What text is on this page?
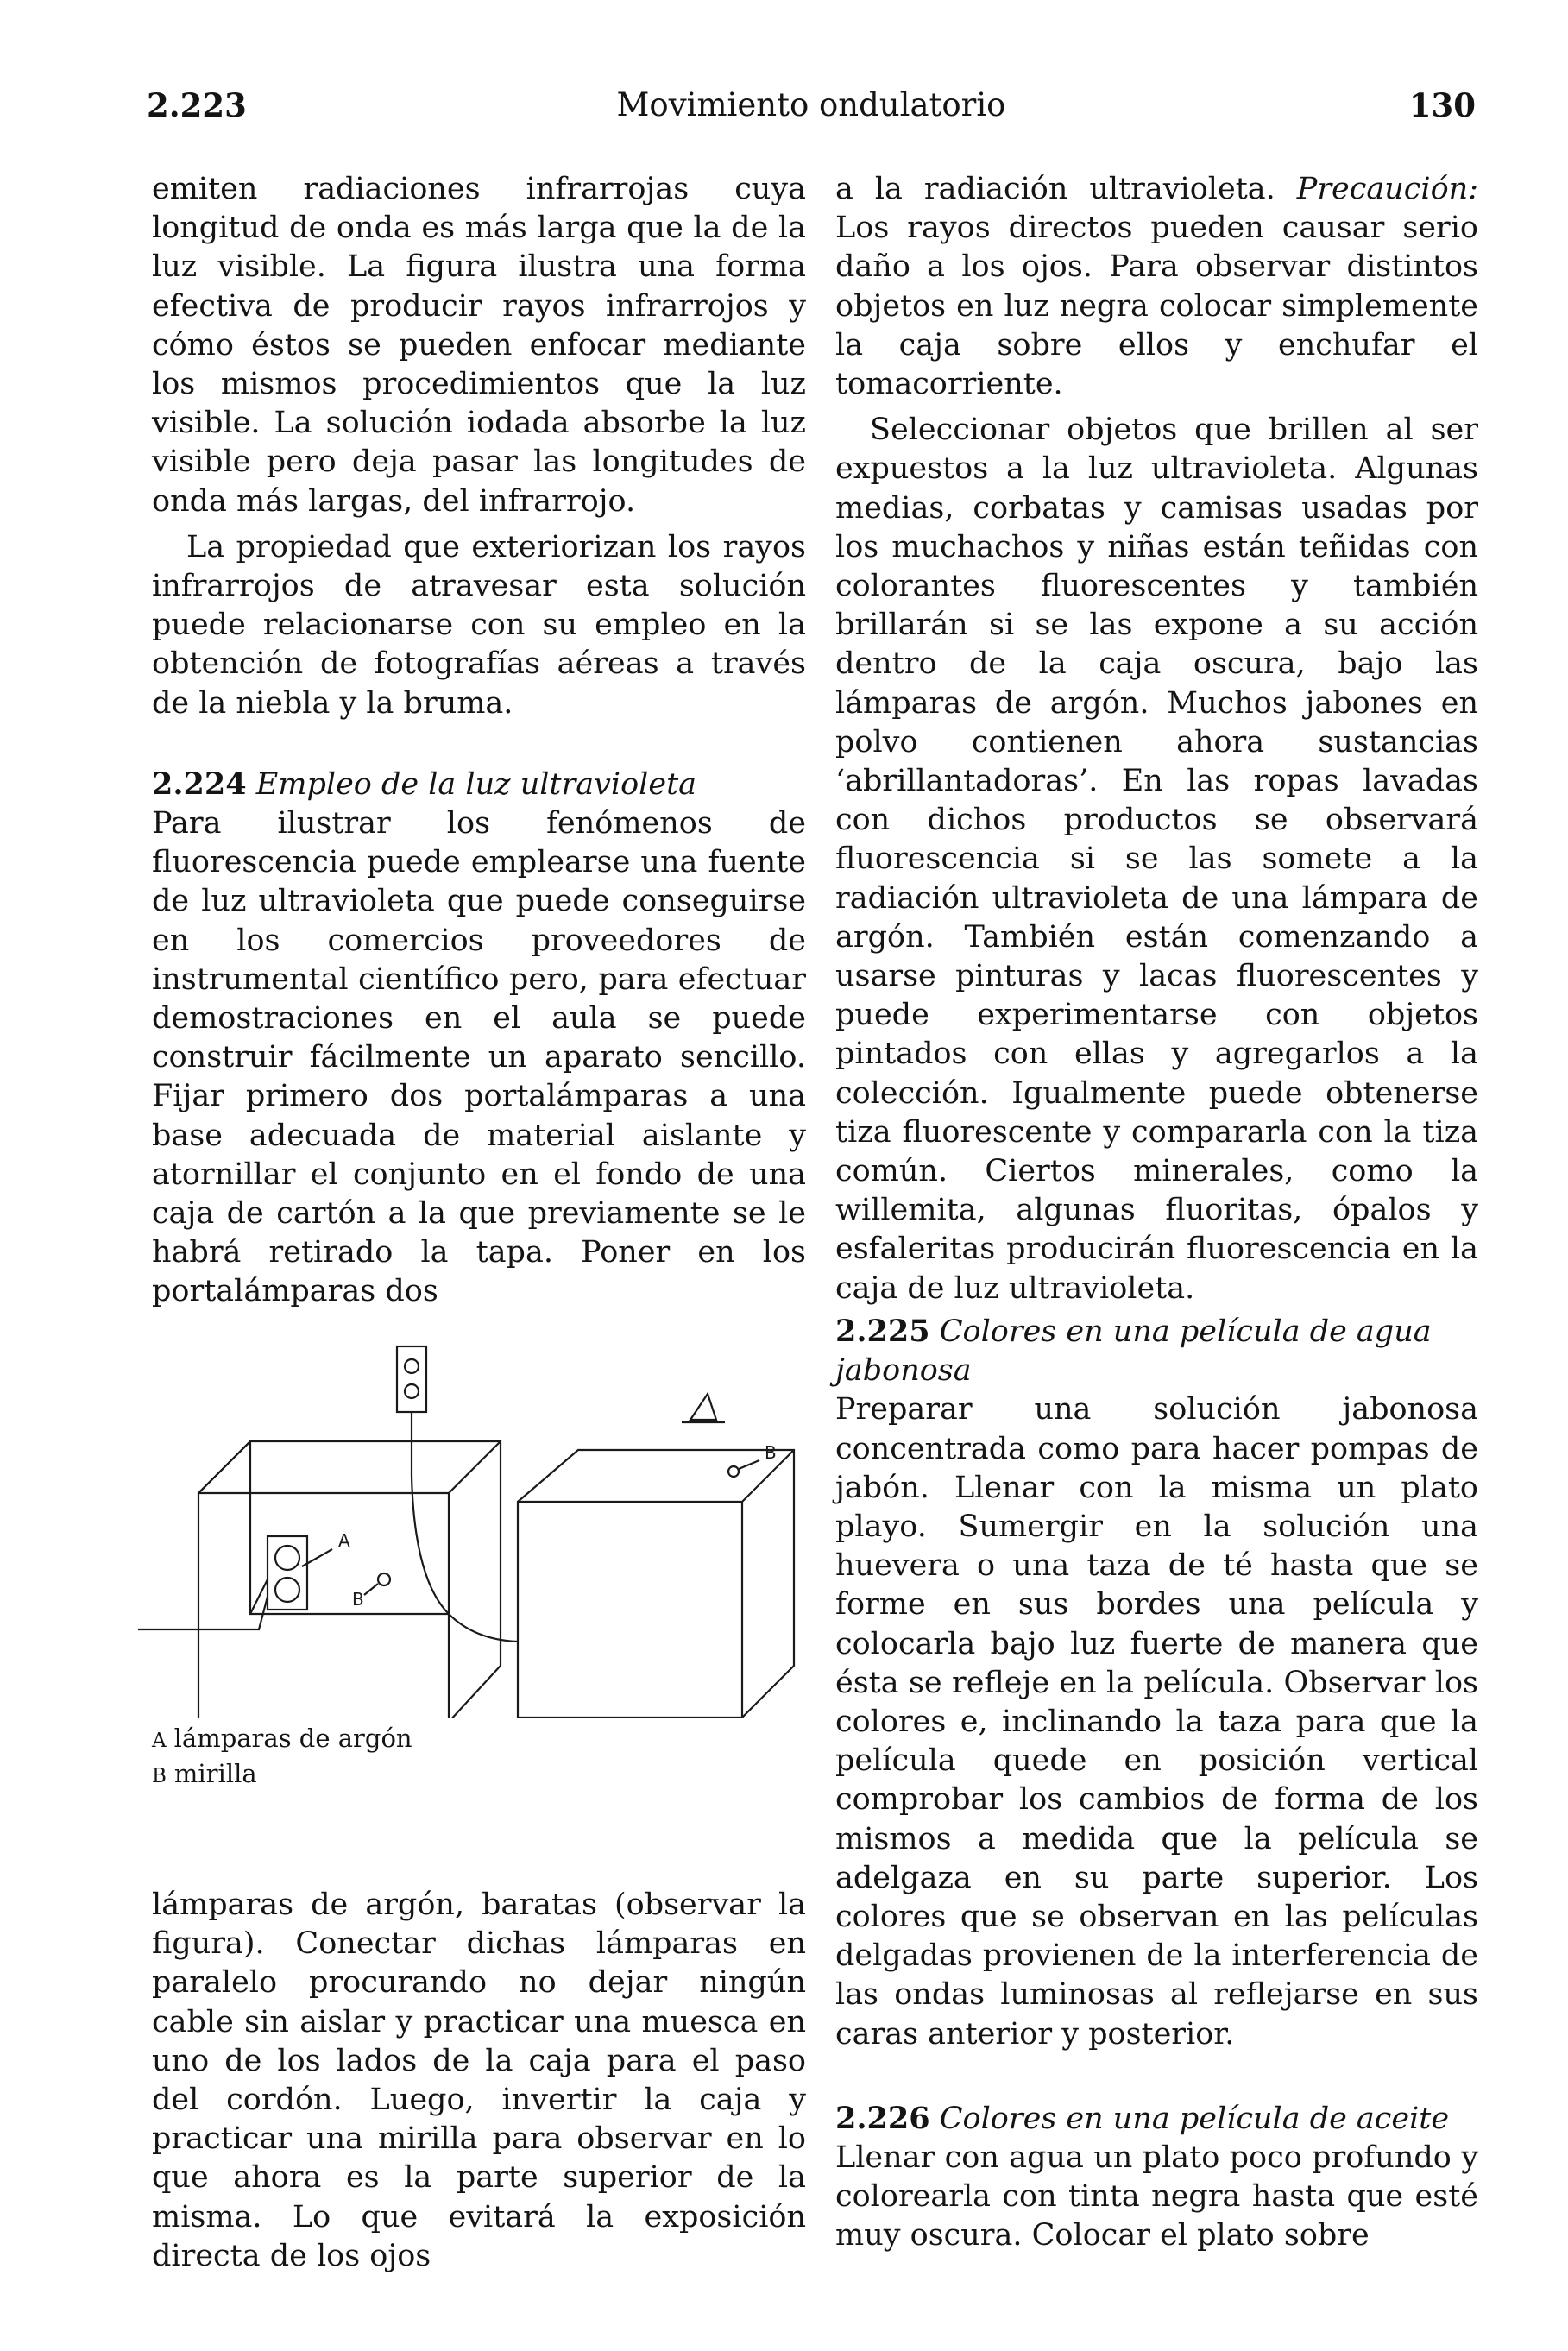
2.223	Movimiento ondulatorio	130

emiten radiaciones infrarrojas cuya longitud de onda es más larga que la de la luz visible. La figura ilustra una forma efectiva de producir rayos infrarrojos y cómo éstos se pueden enfocar mediante los mismos procedimientos que la luz visible. La solución iodada absorbe la luz visible pero deja pasar las longitudes de onda más largas, del infrarrojo.

La propiedad que exteriorizan los rayos infrarrojos de atravesar esta solución puede relacionarse con su empleo en la obtención de fotografías aéreas a través de la niebla y la bruma.

2.224 Empleo de la luz ultravioleta

Para ilustrar los fenómenos de fluorescencia puede emplearse una fuente de luz ultravioleta que puede conseguirse en los comercios proveedores de instrumental científico pero, para efectuar demostraciones en el aula se puede construir fácilmente un aparato sencillo. Fijar primero dos portalámparas a una base adecuada de material aislante y atornillar el conjunto en el fondo de una caja de cartón a la que previamente se le habrá retirado la tapa. Poner en los portalámparas dos

A
B
B
A lámparas de argón
B mirilla

lámparas de argón, baratas (observar la figura). Conectar dichas lámparas en paralelo procurando no dejar ningún cable sin aislar y practicar una muesca en uno de los lados de la caja para el paso del cordón. Luego, invertir la caja y practicar una mirilla para observar en lo que ahora es la parte superior de la misma. Lo que evitará la exposición directa de los ojos

a la radiación ultravioleta. Precaución: Los rayos directos pueden causar serio daño a los ojos. Para observar distintos objetos en luz negra colocar simplemente la caja sobre ellos y enchufar el tomacorriente.

Seleccionar objetos que brillen al ser expuestos a la luz ultravioleta. Algunas medias, corbatas y camisas usadas por los muchachos y niñas están teñidas con colorantes fluorescentes y también brillarán si se las expone a su acción dentro de la caja oscura, bajo las lámparas de argón. Muchos jabones en polvo contienen ahora sustancias ‘abrillantadoras’. En las ropas lavadas con dichos productos se observará fluorescencia si se las somete a la radiación ultravioleta de una lámpara de argón. También están comenzando a usarse pinturas y lacas fluorescentes y puede experimentarse con objetos pintados con ellas y agregarlos a la colección. Igualmente puede obtenerse tiza fluorescente y compararla con la tiza común. Ciertos minerales, como la willemita, algunas fluoritas, ópalos y esfaleritas producirán fluorescencia en la caja de luz ultravioleta.

2.225 Colores en una película de agua jabonosa

Preparar una solución jabonosa concentrada como para hacer pompas de jabón. Llenar con la misma un plato playo. Sumergir en la solución una huevera o una taza de té hasta que se forme en sus bordes una película y colocarla bajo luz fuerte de manera que ésta se refleje en la película. Observar los colores e, inclinando la taza para que la película quede en posición vertical comprobar los cambios de forma de los mismos a medida que la película se adelgaza en su parte superior. Los colores que se observan en las películas delgadas provienen de la interferencia de las ondas luminosas al reflejarse en sus caras anterior y posterior.

2.226 Colores en una película de aceite

Llenar con agua un plato poco profundo y colorearla con tinta negra hasta que esté muy oscura. Colocar el plato sobre
